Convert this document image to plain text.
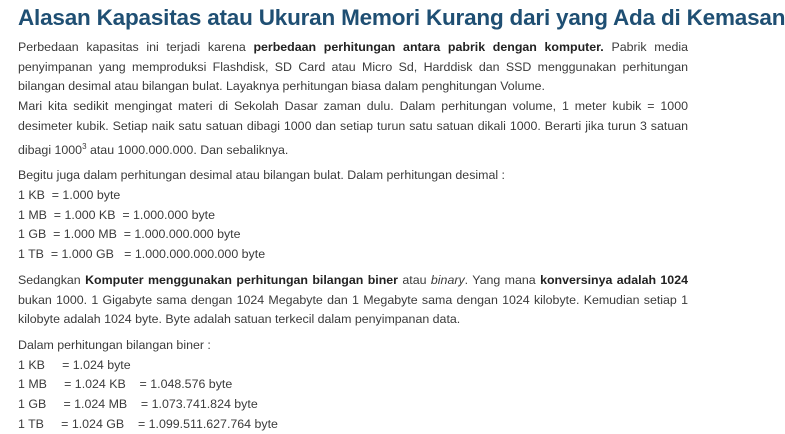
Alasan Kapasitas atau Ukuran Memori Kurang dari yang Ada di Kemasan

Perbedaan kapasitas ini terjadi karena perbedaan perhitungan antara pabrik dengan komputer. Pabrik media penyimpanan yang memproduksi Flashdisk, SD Card atau Micro Sd, Harddisk dan SSD menggunakan perhitungan bilangan desimal atau bilangan bulat. Layaknya perhitungan biasa dalam penghitungan Volume.

Mari kita sedikit mengingat materi di Sekolah Dasar zaman dulu. Dalam perhitungan volume, 1 meter kubik = 1000 desimeter kubik. Setiap naik satu satuan dibagi 1000 dan setiap turun satu satuan dikali 1000. Berarti jika turun 3 satuan dibagi 1000$^3$ atau 1000.000.000. Dan sebaliknya.

Begitu juga dalam perhitungan desimal atau bilangan bulat. Dalam perhitungan desimal :

1 KB  = 1.000 byte

1 MB  = 1.000 KB  = 1.000.000 byte

1 GB  = 1.000 MB  = 1.000.000.000 byte

1 TB  = 1.000 GB   = 1.000.000.000.000 byte

Sedangkan Komputer menggunakan perhitungan bilangan biner atau binary. Yang mana konversinya adalah 1024 bukan 1000. 1 Gigabyte sama dengan 1024 Megabyte dan 1 Megabyte sama dengan 1024 kilobyte. Kemudian setiap 1 kilobyte adalah 1024 byte. Byte adalah satuan terkecil dalam penyimpanan data.

Dalam perhitungan bilangan biner :

1 KB     = 1.024 byte

1 MB     = 1.024 KB    = 1.048.576 byte

1 GB     = 1.024 MB    = 1.073.741.824 byte

1 TB     = 1.024 GB    = 1.099.511.627.764 byte
